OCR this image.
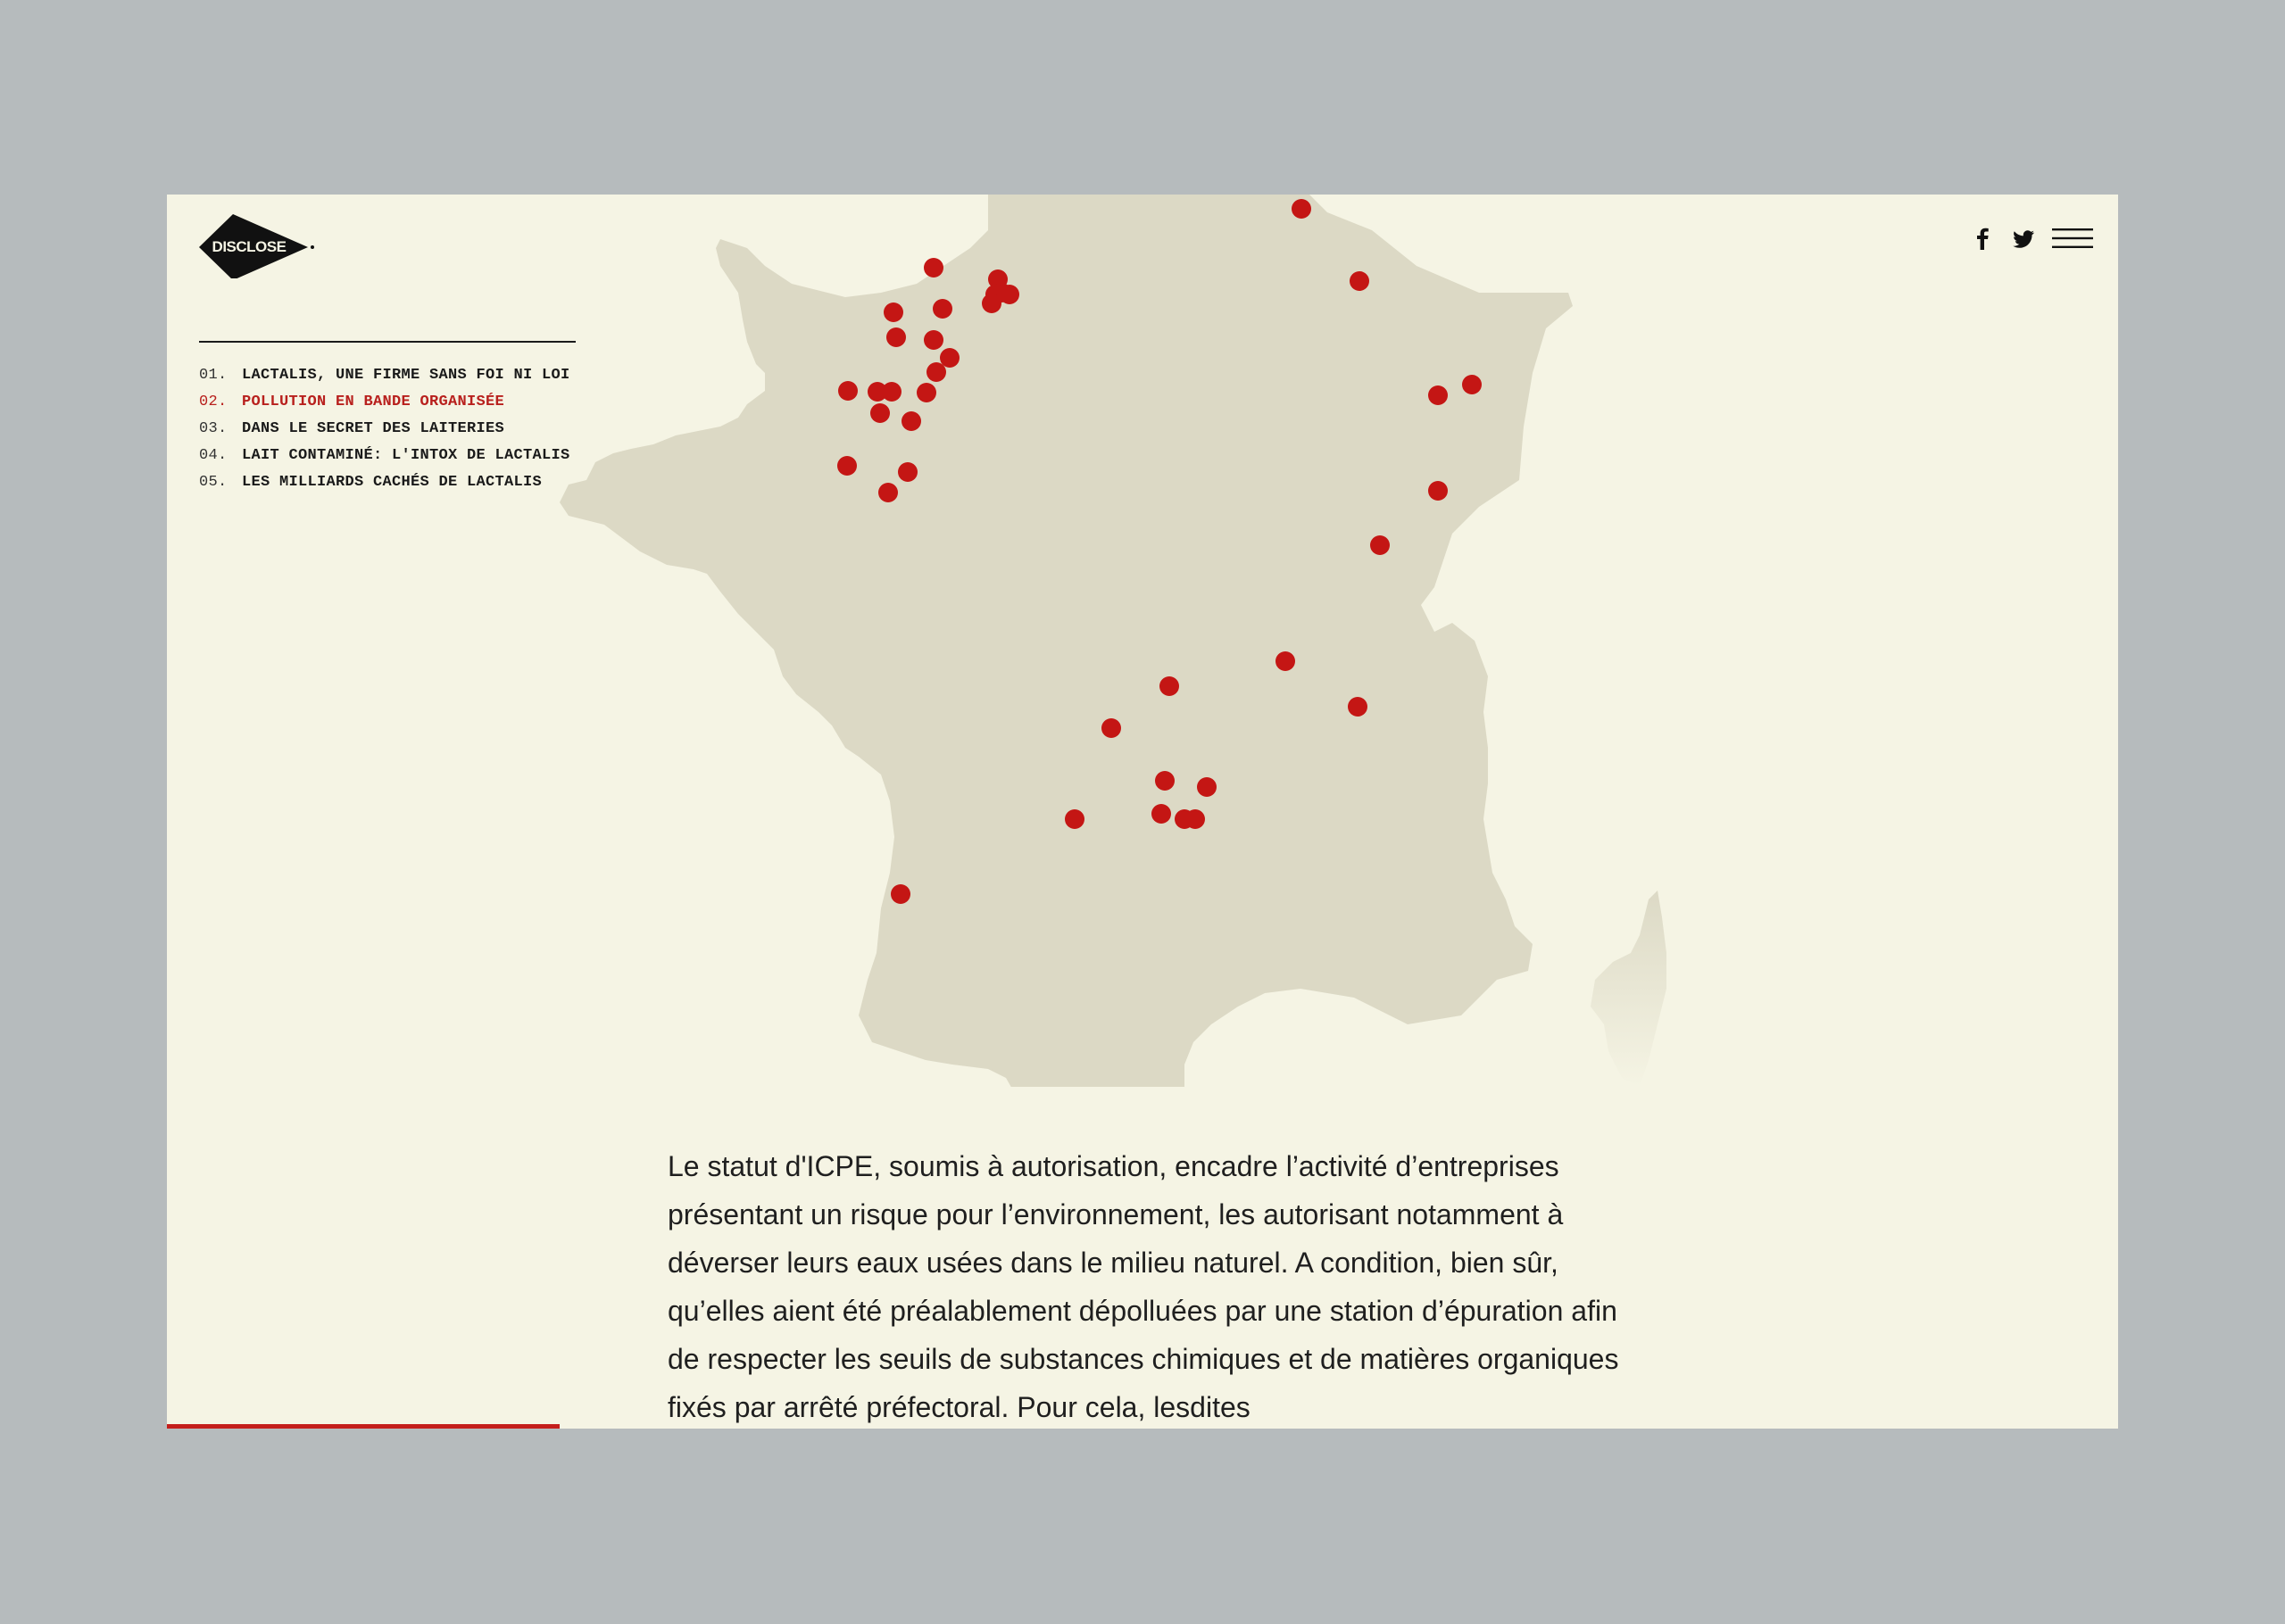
DISCLOSE
01. LACTALIS, UNE FIRME SANS FOI NI LOI
02. POLLUTION EN BANDE ORGANISÉE
03. DANS LE SECRET DES LAITERIES
04. LAIT CONTAMINÉ: L'INTOX DE LACTALIS
05. LES MILLIARDS CACHÉS DE LACTALIS

Le statut d'ICPE, soumis à autorisation, encadre l’activité d’entreprises présentant un risque pour l’environnement, les autorisant notamment à déverser leurs eaux usées dans le milieu naturel. A condition, bien sûr, qu’elles aient été préalablement dépolluées par une station d’épuration afin de respecter les seuils de substances chimiques et de matières organiques fixés par arrêté préfectoral. Pour cela, lesdites
